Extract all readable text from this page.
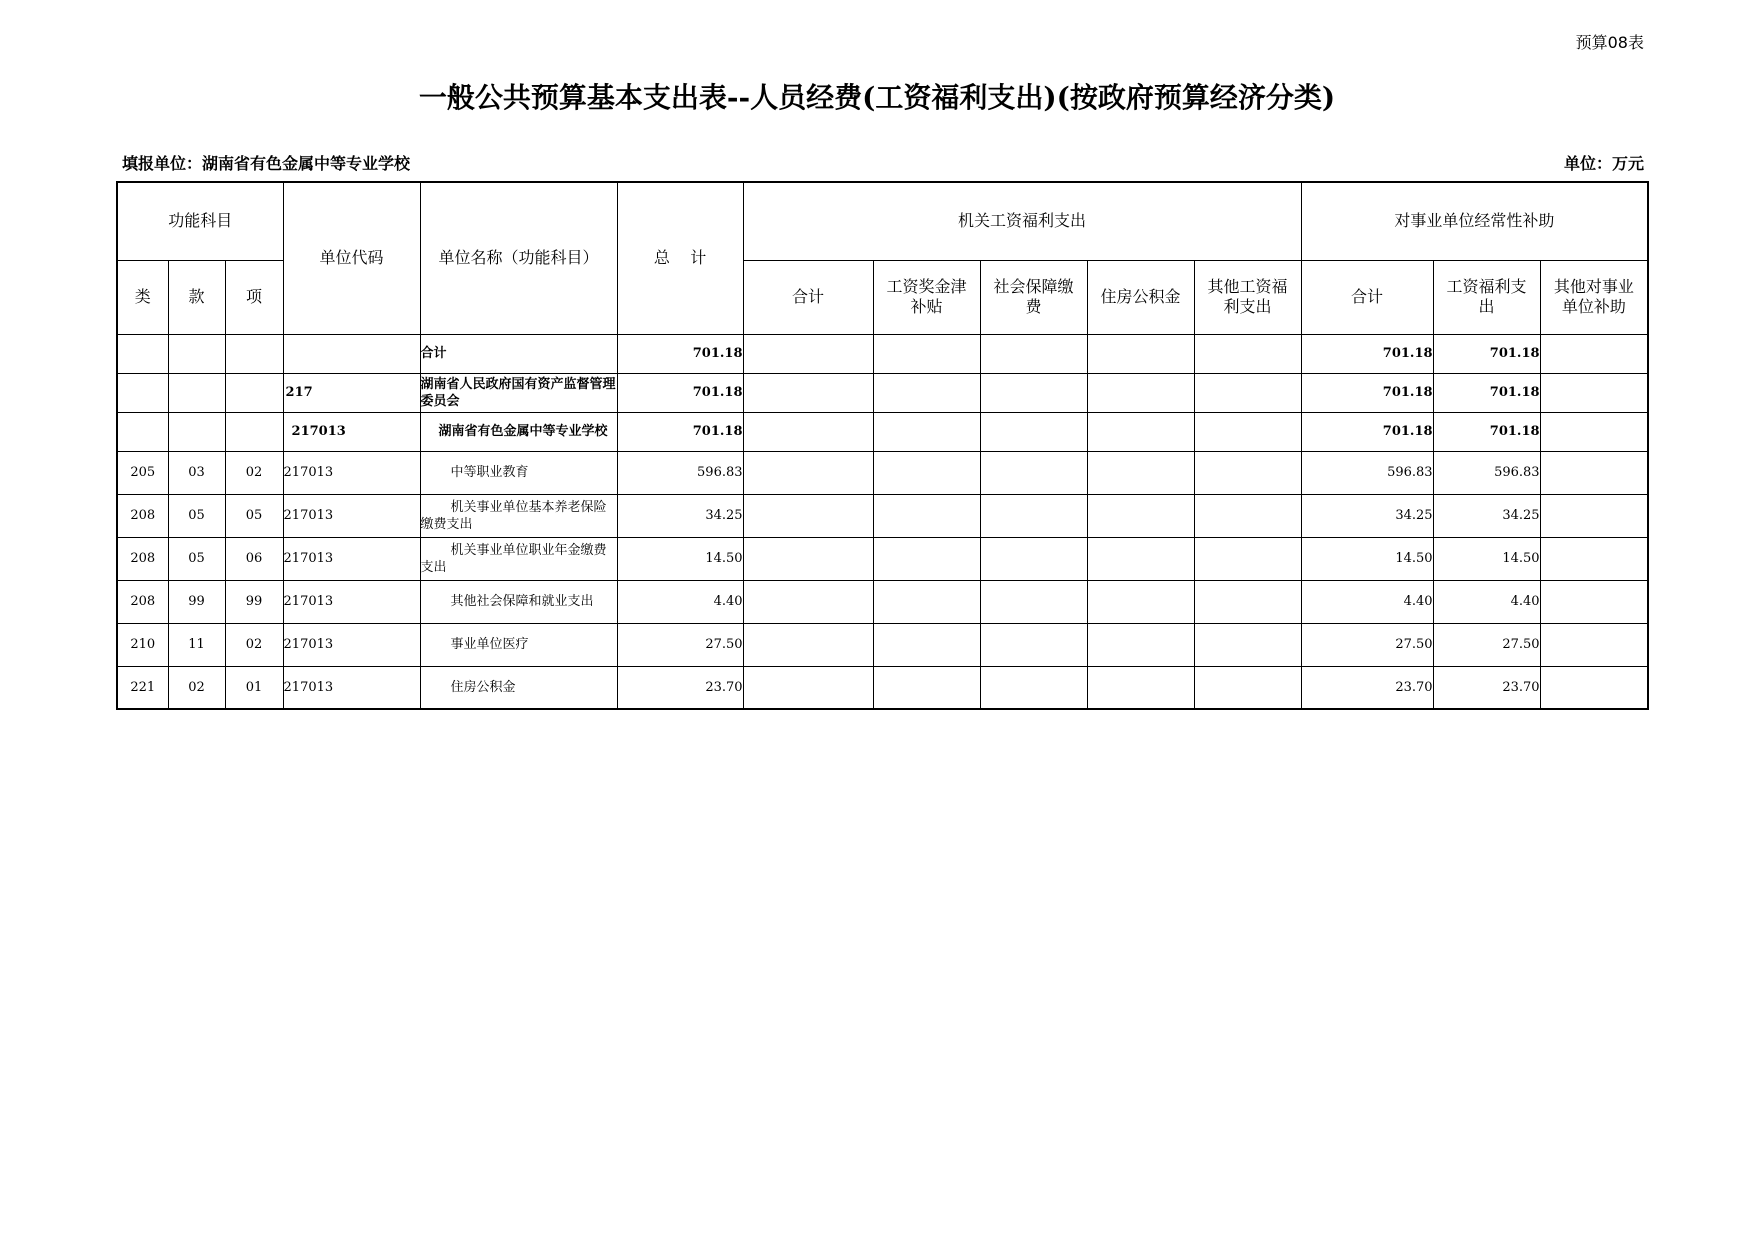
预算08表
一般公共预算基本支出表--人员经费(工资福利支出)(按政府预算经济分类)
填报单位：湖南省有色金属中等专业学校	单位：万元
功能科目			单位代码	单位名称（功能科目）	总    计	机关工资福利支出					对事业单位经常性补助		
类	款	项				合计	工资奖金津补贴	社会保障缴费	住房公积金	其他工资福利支出	合计	工资福利支出	其他对事业单位补助
				合计	701.18						701.18	701.18	
			217	湖南省人民政府国有资产监督管理委员会	701.18						701.18	701.18	
			217013	湖南省有色金属中等专业学校	701.18						701.18	701.18	
205	03	02	217013	中等职业教育	596.83						596.83	596.83	
208	05	05	217013	机关事业单位基本养老保险缴费支出	34.25						34.25	34.25	
208	05	06	217013	机关事业单位职业年金缴费支出	14.50						14.50	14.50	
208	99	99	217013	其他社会保障和就业支出	4.40						4.40	4.40	
210	11	02	217013	事业单位医疗	27.50						27.50	27.50	
221	02	01	217013	住房公积金	23.70						23.70	23.70	
